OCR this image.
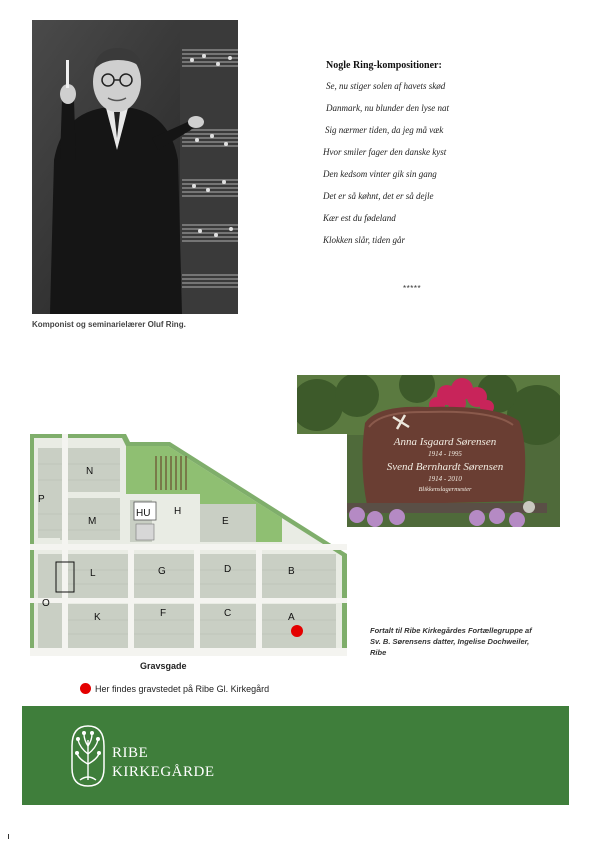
Komponist og seminarielærer Oluf Ring.
Nogle Ring-kompositioner:
Se, nu stiger solen af havets skød
Danmark, nu blunder den lyse nat
Sig nærmer tiden, da jeg må væk
Hvor smiler fager den danske kyst
Den kedsom vinter gik sin gang
Det er så køhnt, det er så dejle
Kær est du fødeland
Klokken slår, tiden går
*****
Anna Isgaard Sørensen
1914 - 1995
Svend Bernhardt Sørensen
1914 - 2010
Blikkenslagermester
N
P
M
HU H
E
L	G	D	B
O
K	F	C	A
Gravsgade
Her findes gravstedet på Ribe Gl. Kirkegård
Fortalt til Ribe Kirkegårdes Fortællegruppe af
Sv. B. Sørensens datter, Ingelise Dochweiler,
Ribe
RIBE
KIRKEGÅRDE
